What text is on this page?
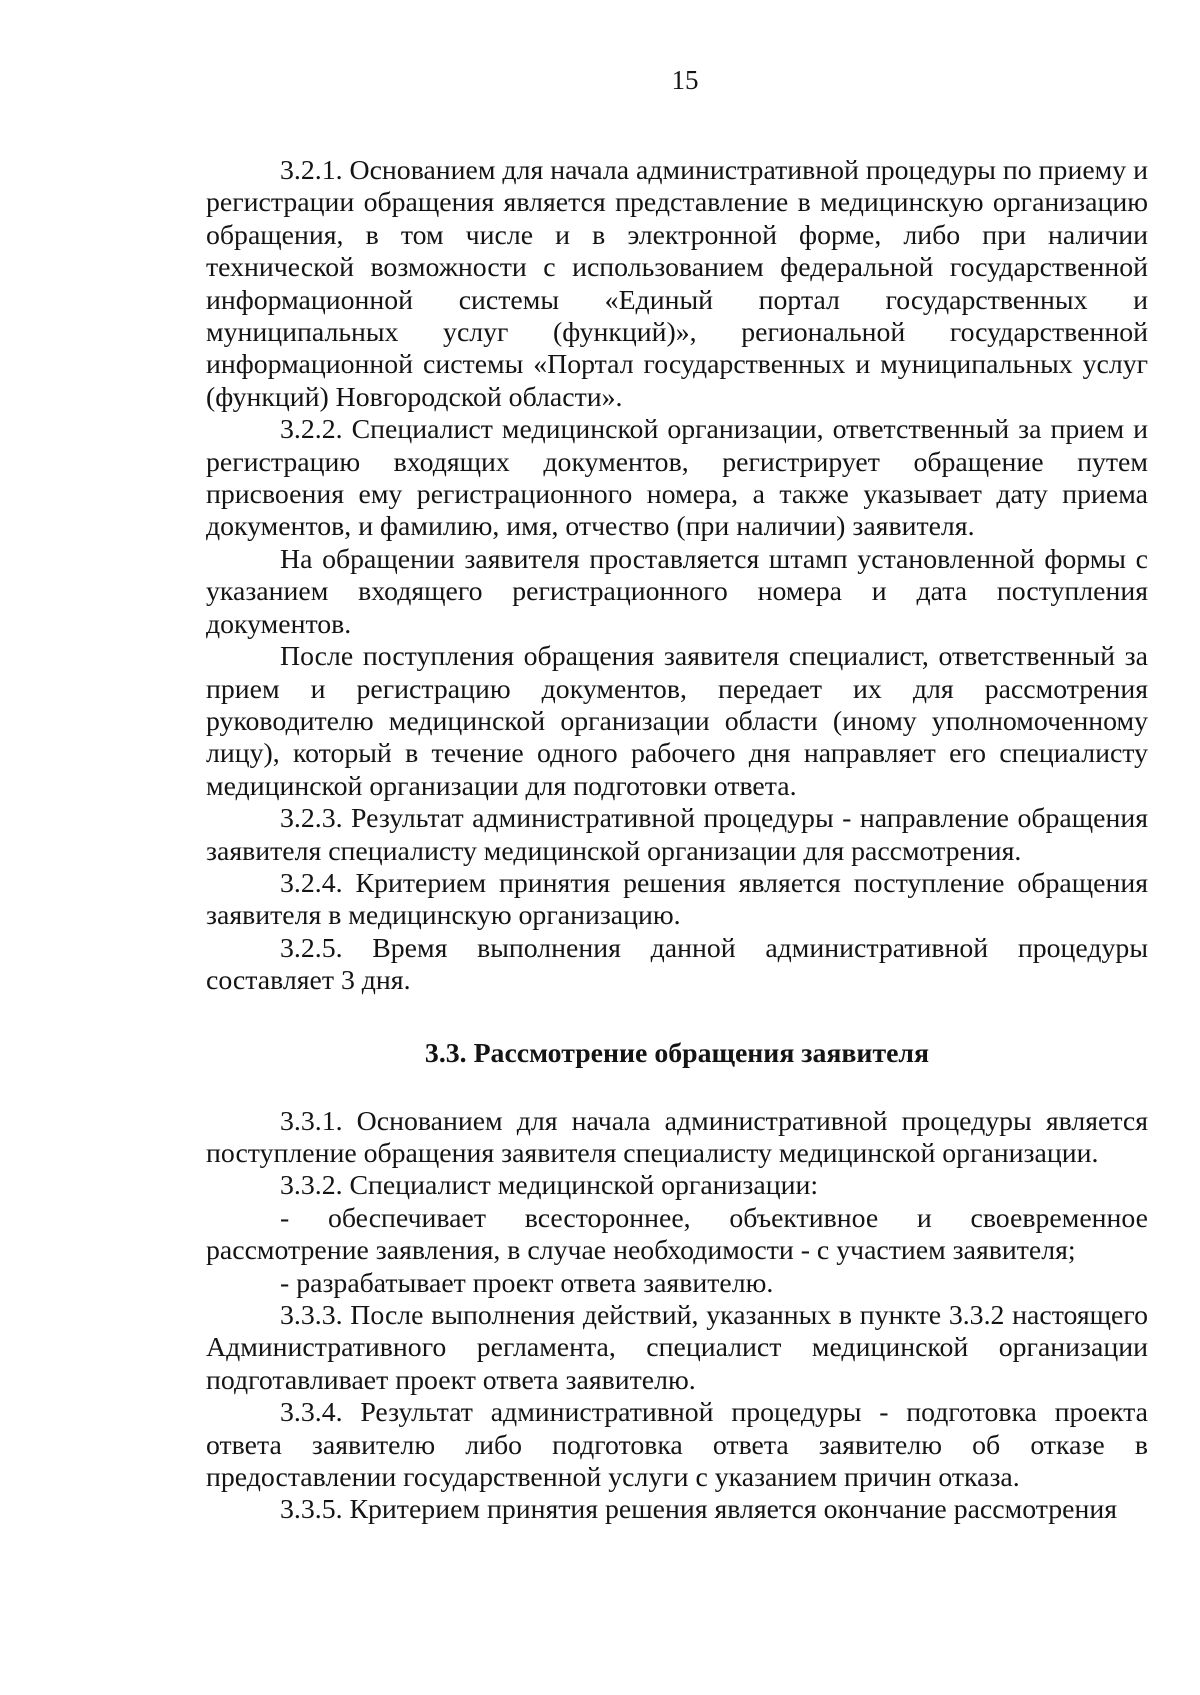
15

3.2.1. Основанием для начала административной процедуры по приему и регистрации обращения является представление в медицинскую организацию обращения, в том числе и в электронной форме, либо при наличии технической возможности с использованием федеральной государственной информационной системы «Единый портал государственных и муниципальных услуг (функций)», региональной государственной информационной системы «Портал государственных и муниципальных услуг (функций) Новгородской области».

3.2.2. Специалист медицинской организации, ответственный за прием и регистрацию входящих документов, регистрирует обращение путем присвоения ему регистрационного номера, а также указывает дату приема документов, и фамилию, имя, отчество (при наличии) заявителя.

На обращении заявителя проставляется штамп установленной формы с указанием входящего регистрационного номера и дата поступления документов.

После поступления обращения заявителя специалист, ответственный за прием и регистрацию документов, передает их для рассмотрения руководителю медицинской организации области (иному уполномоченному лицу), который в течение одного рабочего дня направляет его специалисту медицинской организации для подготовки ответа.

3.2.3. Результат административной процедуры - направление обращения заявителя специалисту медицинской организации для рассмотрения.

3.2.4. Критерием принятия решения является поступление обращения заявителя в медицинскую организацию.

3.2.5. Время выполнения данной административной процедуры составляет 3 дня.

3.3. Рассмотрение обращения заявителя

3.3.1. Основанием для начала административной процедуры является поступление обращения заявителя специалисту медицинской организации.

3.3.2. Специалист медицинской организации:

- обеспечивает всестороннее, объективное и своевременное рассмотрение заявления, в случае необходимости - с участием заявителя;

- разрабатывает проект ответа заявителю.

3.3.3. После выполнения действий, указанных в пункте 3.3.2 настоящего Административного регламента, специалист медицинской организации подготавливает проект ответа заявителю.

3.3.4. Результат административной процедуры - подготовка проекта ответа заявителю либо подготовка ответа заявителю об отказе в предоставлении государственной услуги с указанием причин отказа.

3.3.5. Критерием принятия решения является окончание рассмотрения
